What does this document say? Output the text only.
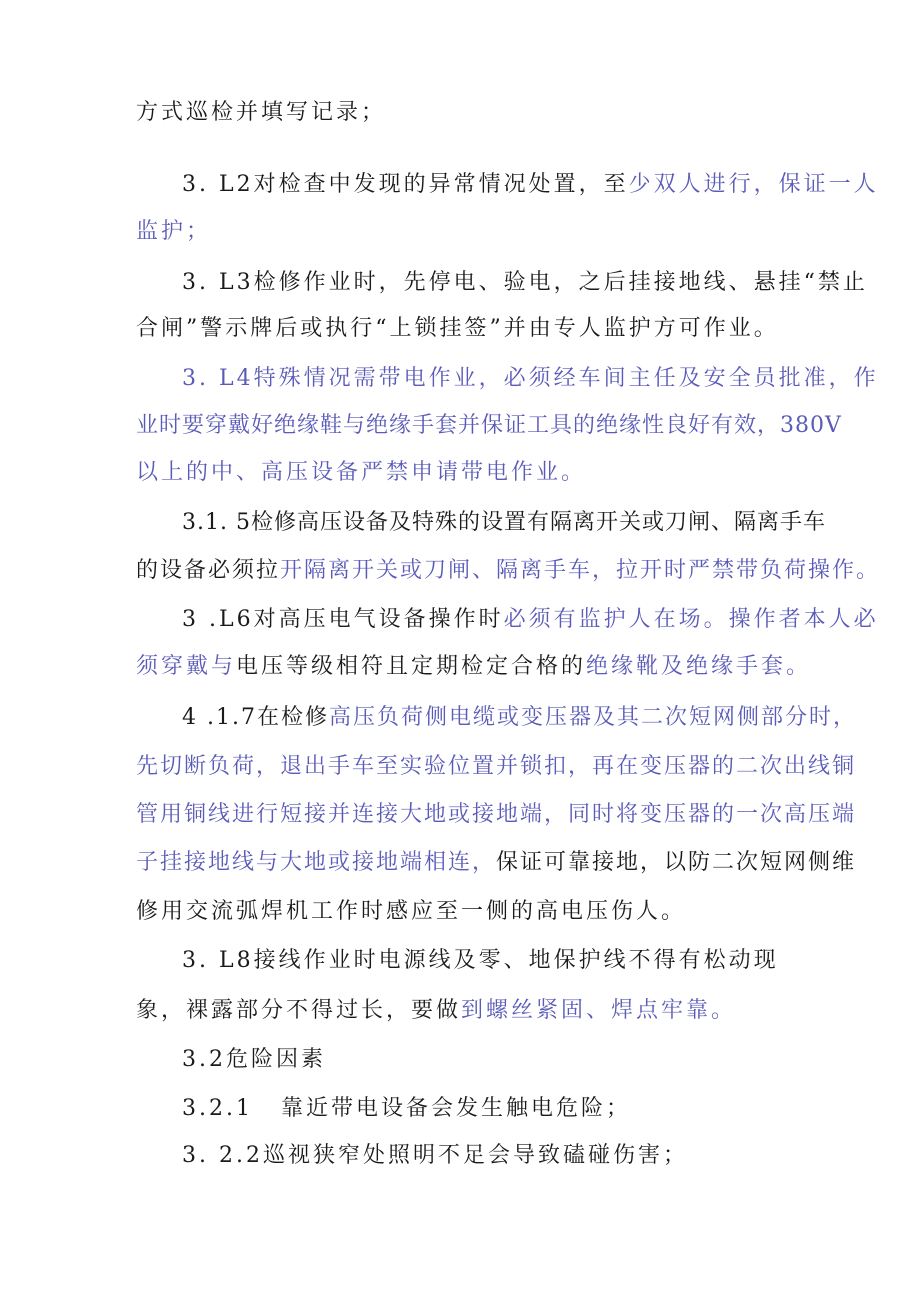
方式巡检并填写记录；
3. L2对检查中发现的异常情况处置，至少双人进行，保证一人
监护；
3. L3检修作业时，先停电、验电，之后挂接地线、悬挂“禁止
合闸”警示牌后或执行“上锁挂签”并由专人监护方可作业。
3. L4特殊情况需带电作业，必须经车间主任及安全员批准，作
业时要穿戴好绝缘鞋与绝缘手套并保证工具的绝缘性良好有效，380V
以上的中、高压设备严禁申请带电作业。
3.1. 5检修高压设备及特殊的设置有隔离开关或刀闸、隔离手车
的设备必须拉开隔离开关或刀闸、隔离手车，拉开时严禁带负荷操作。
3 .L6对高压电气设备操作时必须有监护人在场。操作者本人必
须穿戴与电压等级相符且定期检定合格的绝缘靴及绝缘手套。
4 .1.7在检修高压负荷侧电缆或变压器及其二次短网侧部分时，
先切断负荷，退出手车至实验位置并锁扣，再在变压器的二次出线铜
管用铜线进行短接并连接大地或接地端，同时将变压器的一次高压端
子挂接地线与大地或接地端相连，保证可靠接地，以防二次短网侧维
修用交流弧焊机工作时感应至一侧的高电压伤人。
3. L8接线作业时电源线及零、地保护线不得有松动现
象，裸露部分不得过长，要做到螺丝紧固、焊点牢靠。
3.2危险因素
3.2.1 靠近带电设备会发生触电危险；
3. 2.2巡视狭窄处照明不足会导致磕碰伤害；
